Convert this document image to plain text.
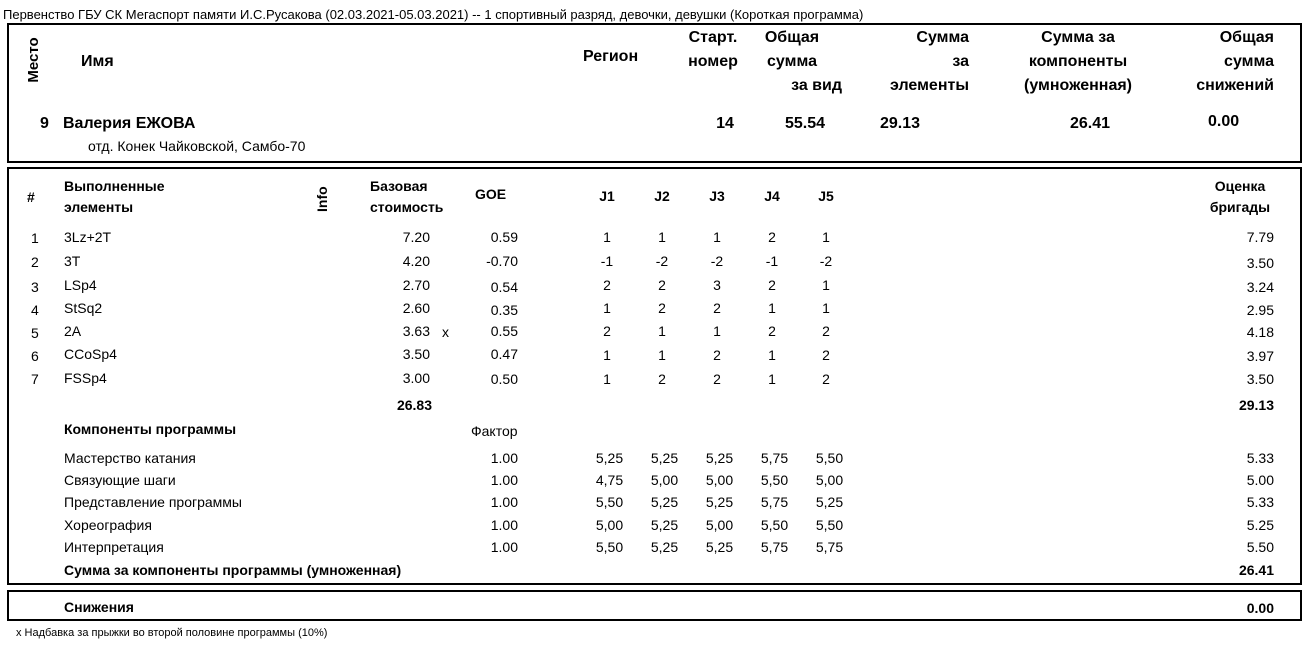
Первенство ГБУ СК Мегаспорт памяти И.С.Русакова (02.03.2021-05.03.2021) -- 1 спортивный разряд, девочки, девушки (Короткая программа)
Место Имя	Регион
Старт.
номер
Общая
сумма
за вид
Сумма
за
элементы
Сумма за
компоненты
(умноженная)
Общая
сумма
снижений
9 Валерия ЕЖОВА
отд. Конек Чайковской, Самбо-70
14	55.54	29.13	26.41	0.00
#
Выполненные
элементы	Info
Базовая
стоимость
GOE	J1	J2	J3	J4	J5
Оценка
бригады
1 3Lz+2T	7.20	0.59	1	1	1	2	1	7.79
2 3T	4.20	-0.70	-1	-2	-2	-1	-2	3.50
3 LSp4	2.70	0.54	2	2	3	2	1	3.24
4 StSq2	2.60	0.35	1	2	2	1	1	2.95
5 2A	3.63 x	0.55	2	1	1	2	2	4.18
6 CCoSp4	3.50	0.47	1	1	2	1	2	3.97
7 FSSp4	3.00	0.50	1	2	2	1	2	3.50
26.83	29.13
Компоненты программы	Фактор
Мастерство катания	1.00	5,25	5,25	5,25	5,75	5,50	5.33
Связующие шаги	1.00	4,75	5,00	5,00	5,50	5,00	5.00
Представление программы	1.00	5,50	5,25	5,25	5,75	5,25	5.33
Хореография	1.00	5,00	5,25	5,00	5,50	5,50	5.25
Интерпретация	1.00	5,50	5,25	5,25	5,75	5,75	5.50
Сумма за компоненты программы (умноженная)	26.41
Снижения	0.00
x Надбавка за прыжки во второй половине программы (10%)
